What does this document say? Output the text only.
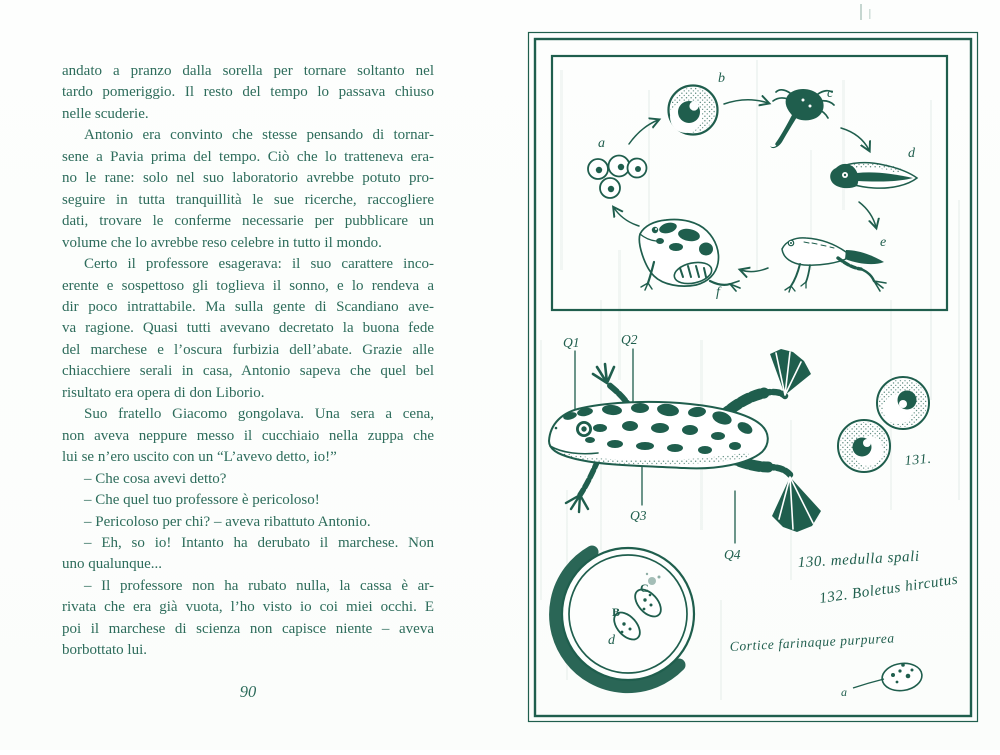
andato a pranzo dalla sorella per tornare soltanto nel
tardo pomeriggio. Il resto del tempo lo passava chiuso
nelle scuderie.
Antonio era convinto che stesse pensando di tornar-
sene a Pavia prima del tempo. Ciò che lo tratteneva era-
no le rane: solo nel suo laboratorio avrebbe potuto pro-
seguire in tutta tranquillità le sue ricerche, raccogliere
dati, trovare le conferme necessarie per pubblicare un
volume che lo avrebbe reso celebre in tutto il mondo.
Certo il professore esagerava: il suo carattere inco-
erente e sospettoso gli toglieva il sonno, e lo rendeva a
dir poco intrattabile. Ma sulla gente di Scandiano ave-
va ragione. Quasi tutti avevano decretato la buona fede
del marchese e l’oscura furbizia dell’abate. Grazie alle
chiacchiere serali in casa, Antonio sapeva che quel bel
risultato era opera di don Liborio.
Suo fratello Giacomo gongolava. Una sera a cena,
non aveva neppure messo il cucchiaio nella zuppa che
lui se n’ero uscito con un “L’avevo detto, io!”
– Che cosa avevi detto?
– Che quel tuo professore è pericoloso!
– Pericoloso per chi? – aveva ribattuto Antonio.
– Eh, so io! Intanto ha derubato il marchese. Non
uno qualunque...
– Il professore non ha rubato nulla, la cassa è ar-
rivata che era già vuota, l’ho visto io coi miei occhi. E
poi il marchese di scienza non capisce niente – aveva
borbottato lui.
90
a
b
c
d
e
f
Q1	Q2
Q3
Q4
131.
B
C
d
130. medulla spali
132. Boletus hircutus
Cortice farinaque purpurea
a
